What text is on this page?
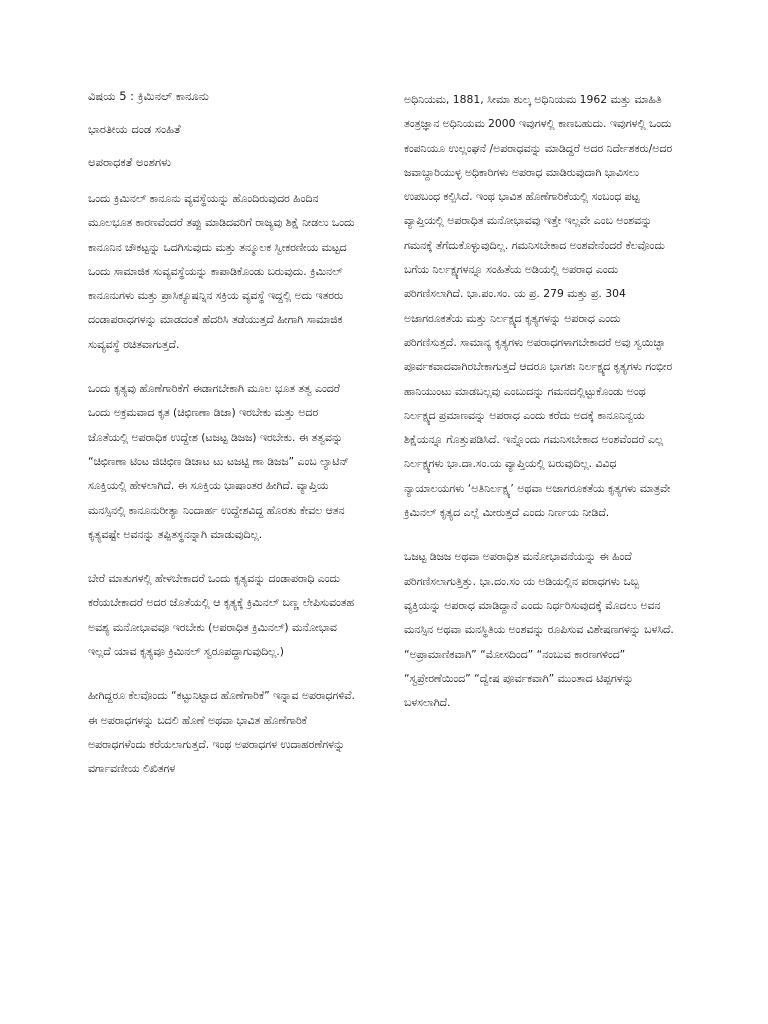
ವಿಷಯ 5 : ಕ್ರಿಮಿನಲ್ ಕಾನೂನು

ಭಾರತೀಯ ದಂಡ ಸಂಹಿತೆ

ಅಪರಾಧಕತೆ ಅಂಶಗಳು

ಒಂದು ಕ್ರಿಮಿನಲ್ ಕಾನೂನು ವ್ಯವಸ್ಥೆಯನ್ನು ಹೊಂದಿರುವುದರ ಹಿಂದಿನ ಮೂಲಭೂತ ಕಾರಣವೆಂದರೆ ತಪ್ಪು ಮಾಡಿದವರಿಗೆ ರಾಜ್ಯವು ಶಿಕ್ಷೆ ನೀಡಲು ಒಂದು ಕಾನೂನಿನ ಚೌಕಟ್ಟನ್ನು ಒದಗಿಸುವುದು ಮತ್ತು ತನ್ಮೂಲಕ ಸ್ವೀಕರಣೀಯ ಮಟ್ಟದ ಒಂದು ಸಾಮಾಜಿಕ ಸುವ್ಯವಸ್ಥೆಯನ್ನು ಕಾಪಾಡಿಕೊಂಡು ಬರುವುದು. ಕ್ರಿಮಿನಲ್ ಕಾನೂನುಗಳು ಮತ್ತು ಪ್ರಾಸಿಕ್ಯೂಷನ್ನಿನ ಸಕ್ರಿಯ ವ್ಯವಸ್ಥೆ ಇದ್ದಲ್ಲಿ ಅದು ಇತರರು ದಂಡಾಪರಾಧಗಳನ್ನು ಮಾಡದಂತೆ ಹೆದರಿಸಿ ತಡೆಯುತ್ತದೆ ಹೀಗಾಗಿ ಸಾಮಾಜಿಕ ಸುವ್ಯವಸ್ಥೆ ರಚಿತವಾಗುತ್ತದೆ.

ಒಂದು ಕೃತ್ಯವು ಹೊಣೆಗಾರಿಕೆಗೆ ಈಡಾಗಬೇಕಾಗಿ ಮೂಲ ಭೂತ ತತ್ವ ಎಂದರೆ ಒಂದು ಅಕ್ರಮವಾದ ಕೃತ (ಚಿಛಿಣಣಾ ಡಿಜಾ) ಇರಬೇಕು ಮತ್ತು ಅದರ ಜೊತೆಯಲ್ಲಿ ಅಪರಾಧಿಕ ಉದ್ದೇಶ (ಟಜಟ್ಟ ಡಿಜಜ) ಇರಬೇಕು. ಈ ತತ್ವವನ್ನು “ಚಿಛಿಣಣಾ ಟಿಂಟ ಜಿಚಿಛಿಣ ಡಿಜಾಟ ಟು ಟಜಟ್ಟಿ ಣಾ ಡಿಜಜ” ಎಂಬ ಲ್ಯಾಟಿನ್ ಸೂಕ್ತಿಯಲ್ಲಿ ಹೇಳಲಾಗಿದೆ. ಈ ಸೂಕ್ತಿಯ ಭಾಷಾಂತರ ಹೀಗಿದೆ. ವ್ಯಾಪ್ತಿಯ ಮನಸ್ಸಿನಲ್ಲಿ ಕಾನೂನುರೀತ್ಯಾ ನಿಂದಾರ್ಹ ಉದ್ದೇಶವಿದ್ದ ಹೊರತು ಕೇವಲ ಆತನ ಕೃತ್ಯವಷ್ಟೇ ಅವನನ್ನು ತಪ್ಪಿತಸ್ಥನನ್ನಾಗಿ ಮಾಡುವುದಿಲ್ಲ.

ಬೇರೆ ಮಾತುಗಳಲ್ಲಿ ಹೇಳಬೇಕಾದರೆ ಒಂದು ಕೃತ್ಯವನ್ನು ದಂಡಾಪರಾಧಿ ಎಂದು ಕರೆಯಬೇಕಾದರೆ ಅದರ ಜೊತೆಯಲ್ಲಿ ಆ ಕೃತ್ಯಕ್ಕೆ ಕ್ರಿಮಿನಲ್ ಬಣ್ಣ ಲೇಪಿಸುವಂತಹ ಅವಶ್ಯ ಮನೋಭಾವವೂ ಇರಬೇಕು (ಅಪರಾಧಿತ ಕ್ರಿಮಿನಲ್) ಮನೋಭಾವ ಇಲ್ಲದೆ ಯಾವ ಕೃತ್ಯವೂ ಕ್ರಿಮಿನಲ್ ಸ್ವರೂಪದ್ದಾಗುವುದಿಲ್ಲ.)

ಹೀಗಿದ್ದರೂ ಕೆಲವೊಂದು “ಕಟ್ಟುನಿಟ್ಟಾದ ಹೊಣೆಗಾರಿಕೆ” ಇನ್ನಾವ ಅಪರಾಧಗಳಿವೆ. ಈ ಅಪರಾಧಗಳನ್ನು ಬದಲಿ ಹೊಣೆ ಅಥವಾ ಭಾವಿತ ಹೊಣೆಗಾರಿಕೆ ಅಪರಾಧಗಳೆಂದು ಕರೆಯಲಾಗುತ್ತದೆ. ಇಂಥ ಅಪರಾಧಗಳ ಉದಾಹರಣೆಗಳನ್ನು ವರ್ಗಾವಣೀಯ ಲಿಖಿತಗಳ

ಅಧಿನಿಯಮ, 1881, ಸೀಮಾ ಶುಲ್ಕ ಅಧಿನಿಯಮ 1962 ಮತ್ತು ಮಾಹಿತಿ ತಂತ್ರಜ್ಞಾನ ಅಧಿನಿಯಮ 2000 ಇವುಗಳಲ್ಲಿ ಕಾಣಬಹುದು. ಇವುಗಳಲ್ಲಿ ಒಂದು ಕಂಪನಿಯೂ ಉಲ್ಲಂಘನೆ /ಅಪರಾಧವನ್ನು ಮಾಡಿದ್ದರೆ ಅದರ ನಿರ್ದೇಶಕರು/ಅದರ ಜವಾಬ್ದಾರಿಯುಳ್ಳ ಅಧಿಕಾರಿಗಳು ಅಪರಾಧ ಮಾಡಿರುವುದಾಗಿ ಭಾವಿಸಲು ಉಪಬಂಧ ಕಲ್ಪಿಸಿದೆ. ಇಂಥ ಭಾವಿತ ಹೊಣೆಗಾರಿಕೆಯಲ್ಲಿ ಸಂಬಂಧ ಪಟ್ಟ ವ್ಯಾಪ್ತಿಯಲ್ಲಿ ಅಪರಾಧಿತ ಮನೋಭಾವವು ಇತ್ತೇ ಇಲ್ಲವೇ ಎಂಬ ಅಂಶವನ್ನು ಗಮನಕ್ಕೆ ತೆಗೆದುಕೊಳ್ಳುವುದಿಲ್ಲ. ಗಮನಿಸಬೇಕಾದ ಅಂಶವೇನೆಂದರೆ ಕೆಲವೊಂದು ಬಗೆಯ ನಿರ್ಲಕ್ಷ್ಯಗಳನ್ನೂ ಸಂಹಿತೆಯ ಅಡಿಯಲ್ಲಿ ಅಪರಾಧ ಎಂದು ಪರಿಗಣಿಸಲಾಗಿದೆ. ಭಾ.ಪಂ.ಸಂ. ಯ ಪ್ರ. 279 ಮತ್ತು ಪ್ರ. 304 ಅಜಾಗರೂಕತೆಯ ಮತ್ತು ನಿರ್ಲಕ್ಷ್ಯದ ಕೃತ್ಯಗಳನ್ನು ಅಪರಾಧ ಎಂದು ಪರಿಗಣಿಸುತ್ತದೆ. ಸಾಮಾನ್ಯ ಕೃತ್ಯಗಳು ಅಪರಾಧಗಳಾಗಬೇಕಾದರೆ ಅವು ಸ್ವಯಿಚ್ಛಾ ಪೂರ್ವಕವಾದವಾಗಿರಬೇಕಾಗುತ್ತದೆ ಆದರೂ ಭಾಗಶಃ ನಿರ್ಲಕ್ಷ್ಯದ ಕೃತ್ಯಗಳು ಗಂಭೀರ ಹಾನಿಯುಂಟು ಮಾಡಬಲ್ಲವು ಎಂಬುದನ್ನು ಗಮನದಲ್ಲಿಟ್ಟುಕೊಂಡು ಅಂಥ ನಿರ್ಲಕ್ಷ್ಯದ ಪ್ರಮಾಣವನ್ನು ಅಪರಾಧ ಎಂದು ಕರೆದು ಅದಕ್ಕೆ ಕಾನೂನಿನ್ವಯ ಶಿಕ್ಷೆಯನ್ನೂ ಗೊತ್ತುಪಡಿಸಿದೆ. ಇನ್ನೊಂದು ಗಮನಿಸಬೇಕಾದ ಅಂಶವೆಂದರೆ ಎಲ್ಲ ನಿರ್ಲಕ್ಷ್ಯಗಳು ಭಾ.ದಾ.ಸಂ.ಯ ವ್ಯಾಪ್ತಿಯಲ್ಲಿ ಬರುವುದಿಲ್ಲ. ವಿವಿಧ ನ್ಯಾಯಾಲಯಗಳು ‘ಅತಿನಿರ್ಲಕ್ಷ್ಯ’ ಅಥವಾ ಅಜಾಗರೂಕತೆಯ ಕೃತ್ಯಗಳು ಮಾತ್ರವೇ ಕ್ರಿಮಿನಲ್ ಕೃತ್ಯದ ಎಲ್ಲೆ ಮೀರುತ್ತದೆ ಎಂದು ನಿರ್ಣಯ ನೀಡಿದೆ.

ಒಜಟ್ಟ ಡಿಜಜ ಅಥವಾ ಅಪರಾಧಿತ ಮನೋಭಾವನೆಯನ್ನು ಈ ಹಿಂದೆ ಪರಿಗಣಿಸಲಾಗುತ್ತಿತ್ತು. ಭಾ.ದಂ.ಸಂ ಯ ಅಡಿಯಲ್ಲಿನ ಪರಾಧಗಳು ಒಬ್ಬ ವ್ಯಕ್ತಿಯನ್ನು ಅಪರಾಧ ಮಾಡಿದ್ದಾನೆ ಎಂದು ನಿರ್ಧರಿಸುವುದಕ್ಕೆ ಮೊದಲು ಅವನ ಮನಸ್ಸಿನ ಅಥವಾ ಮನಸ್ಥಿತಿಯ ಅಂಶವನ್ನು ರೂಪಿಸುವ ವಿಶೇಷಣಗಳನ್ನು ಬಳಸಿದೆ. “ಅಪ್ರಾಮಾಣಿಕವಾಗಿ” “ಮೋಸದಿಂದ” “ನಂಬುವ ಕಾರಣಗಳಿಂದ” “ಸ್ವಪ್ರೇರಣೆಯಿಂದ” “ದ್ವೇಷ ಪೂರ್ವಕವಾಗಿ” ಮುಂತಾದ ಟಿಪ್ಪಗಳನ್ನು ಬಳಸಲಾಗಿದೆ.
